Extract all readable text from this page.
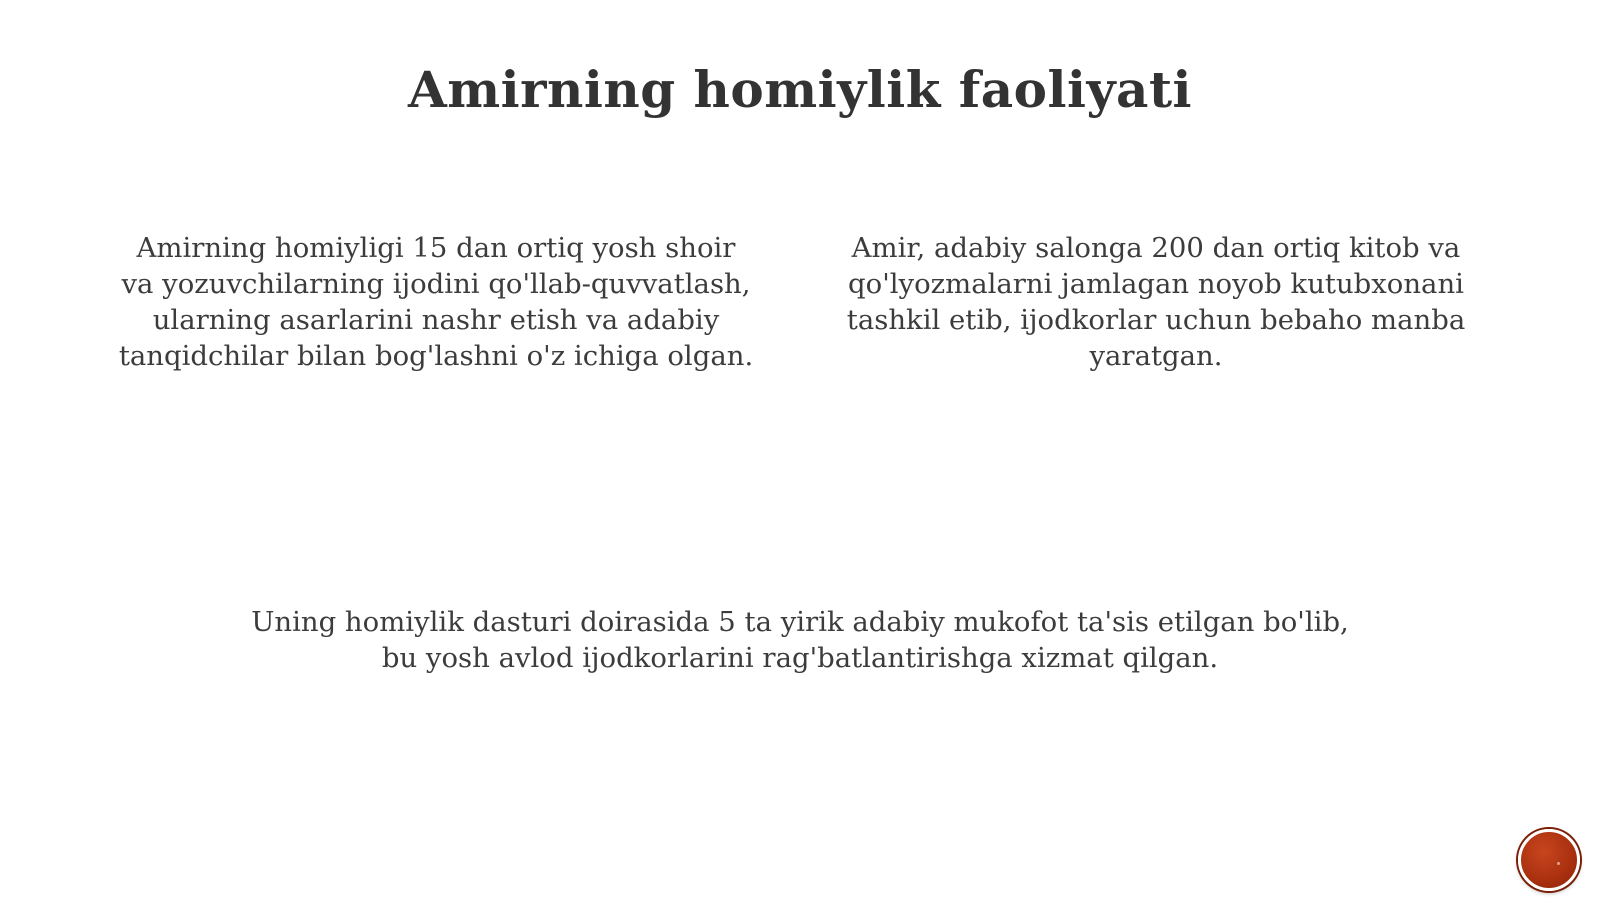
Amirning homiylik faoliyati

Amirning homiyligi 15 dan ortiq yosh shoir va yozuvchilarning ijodini qo'llab-quvvatlash, ularning asarlarini nashr etish va adabiy tanqidchilar bilan bog'lashni o'z ichiga olgan.

Amir, adabiy salonga 200 dan ortiq kitob va qo'lyozmalarni jamlagan noyob kutubxonani tashkil etib, ijodkorlar uchun bebaho manba yaratgan.

Uning homiylik dasturi doirasida 5 ta yirik adabiy mukofot ta'sis etilgan bo'lib, bu yosh avlod ijodkorlarini rag'batlantirishga xizmat qilgan.
